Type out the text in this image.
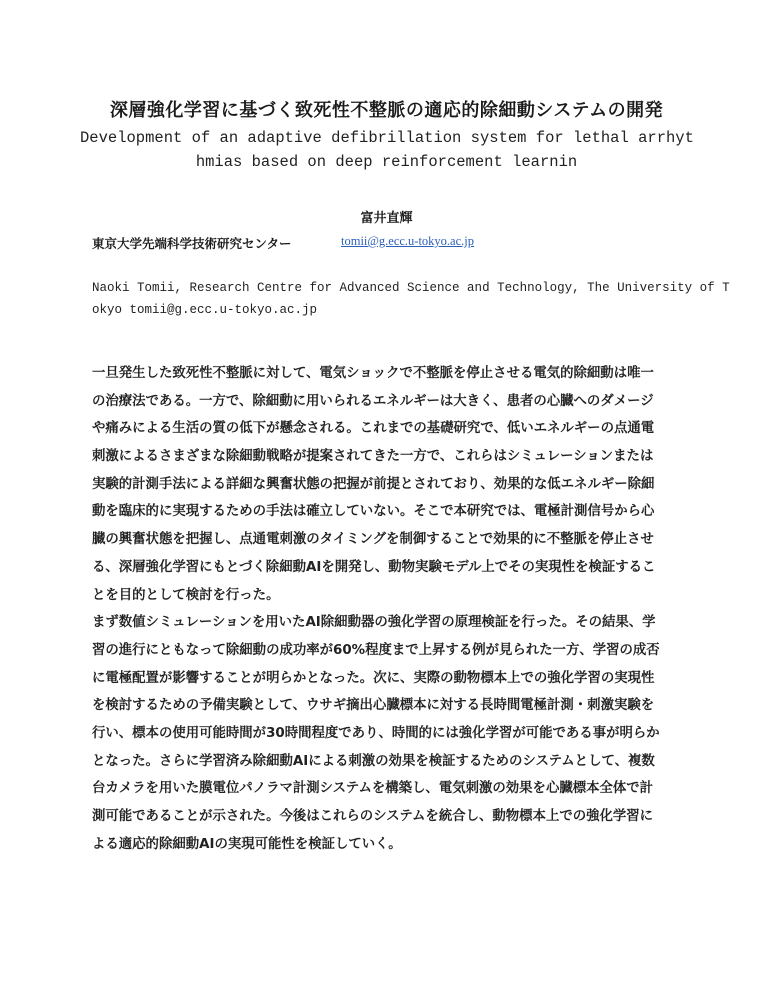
深層強化学習に基づく致死性不整脈の適応的除細動システムの開発
Development of an adaptive defibrillation system for lethal arrhyt
hmias based on deep reinforcement learnin
富井直輝
東京大学先端科学技術研究センター	tomii@g.ecc.u-tokyo.ac.jp
Naoki Tomii, Research Centre for Advanced Science and Technology, The University of T
okyo tomii@g.ecc.u-tokyo.ac.jp
一旦発生した致死性不整脈に対して、電気ショックで不整脈を停止させる電気的除細動は唯一
の治療法である。一方で、除細動に用いられるエネルギーは大きく、患者の心臓へのダメージ
や痛みによる生活の質の低下が懸念される。これまでの基礎研究で、低いエネルギーの点通電
刺激によるさまざまな除細動戦略が提案されてきた一方で、これらはシミュレーションまたは
実験的計測手法による詳細な興奮状態の把握が前提とされており、効果的な低エネルギー除細
動を臨床的に実現するための手法は確立していない。そこで本研究では、電極計測信号から心
臓の興奮状態を把握し、点通電刺激のタイミングを制御することで効果的に不整脈を停止させ
る、深層強化学習にもとづく除細動AIを開発し、動物実験モデル上でその実現性を検証するこ
とを目的として検討を行った。
まず数値シミュレーションを用いたAI除細動器の強化学習の原理検証を行った。その結果、学
習の進行にともなって除細動の成功率が60%程度まで上昇する例が見られた一方、学習の成否
に電極配置が影響することが明らかとなった。次に、実際の動物標本上での強化学習の実現性
を検討するための予備実験として、ウサギ摘出心臓標本に対する長時間電極計測・刺激実験を
行い、標本の使用可能時間が30時間程度であり、時間的には強化学習が可能である事が明らか
となった。さらに学習済み除細動AIによる刺激の効果を検証するためのシステムとして、複数
台カメラを用いた膜電位パノラマ計測システムを構築し、電気刺激の効果を心臓標本全体で計
測可能であることが示された。今後はこれらのシステムを統合し、動物標本上での強化学習に
よる適応的除細動AIの実現可能性を検証していく。
